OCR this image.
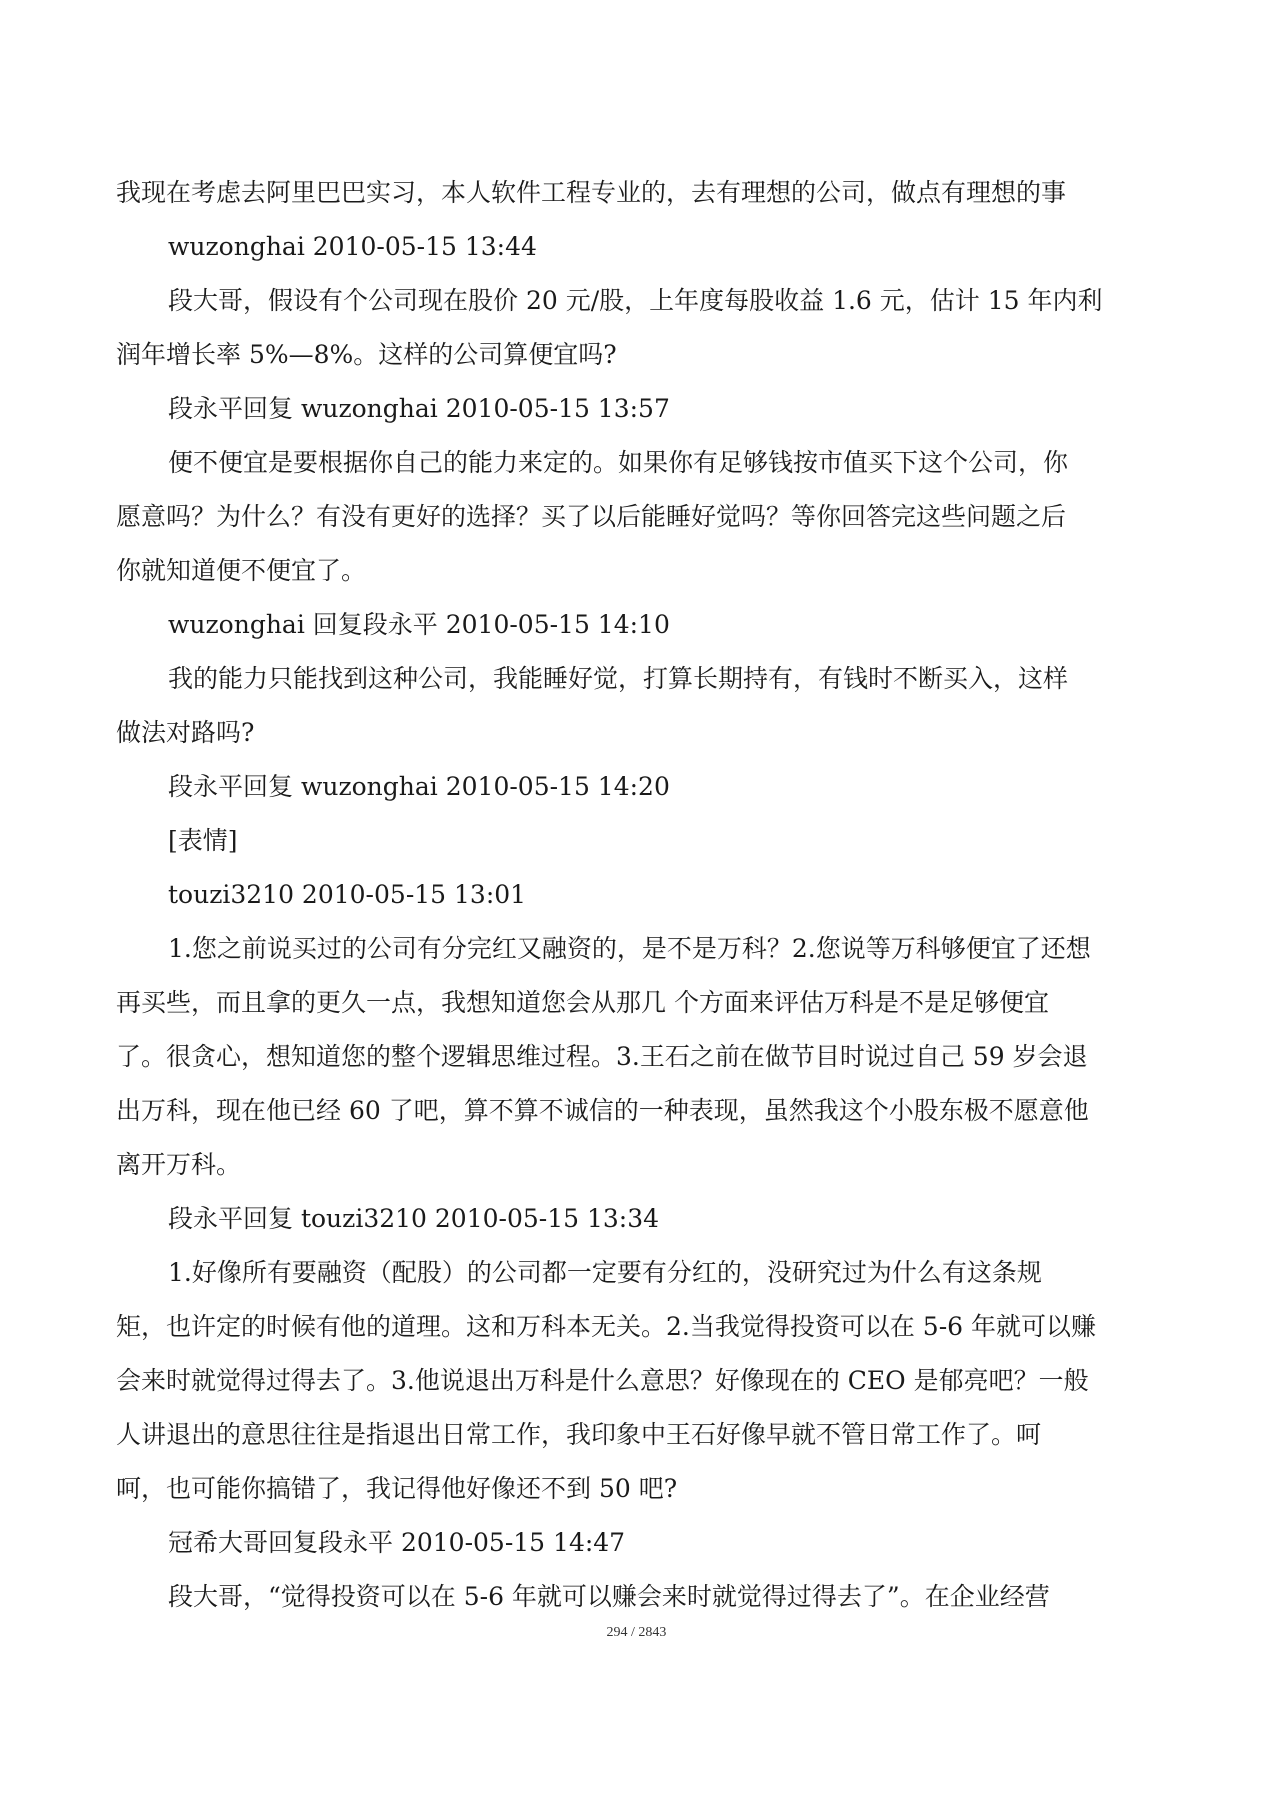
我现在考虑去阿里巴巴实习，本人软件工程专业的，去有理想的公司，做点有理想的事
wuzonghai 2010-05-15 13:44
段大哥，假设有个公司现在股价 20 元/股，上年度每股收益 1.6 元，估计 15 年内利
润年增长率 5%—8%。这样的公司算便宜吗?
段永平回复 wuzonghai 2010-05-15 13:57
便不便宜是要根据你自己的能力来定的。如果你有足够钱按市值买下这个公司，你
愿意吗？为什么？有没有更好的选择？买了以后能睡好觉吗？等你回答完这些问题之后
你就知道便不便宜了。
wuzonghai 回复段永平 2010-05-15 14:10
我的能力只能找到这种公司，我能睡好觉，打算长期持有，有钱时不断买入，这样
做法对路吗?
段永平回复 wuzonghai 2010-05-15 14:20
[表情]
touzi3210 2010-05-15 13:01
1.您之前说买过的公司有分完红又融资的，是不是万科？2.您说等万科够便宜了还想
再买些，而且拿的更久一点，我想知道您会从那几 个方面来评估万科是不是足够便宜
了。很贪心，想知道您的整个逻辑思维过程。3.王石之前在做节目时说过自己 59 岁会退
出万科，现在他已经 60 了吧，算不算不诚信的一种表现，虽然我这个小股东极不愿意他
离开万科。
段永平回复 touzi3210 2010-05-15 13:34
1.好像所有要融资（配股）的公司都一定要有分红的，没研究过为什么有这条规
矩，也许定的时候有他的道理。这和万科本无关。2.当我觉得投资可以在 5-6 年就可以赚
会来时就觉得过得去了。3.他说退出万科是什么意思？好像现在的 CEO 是郁亮吧？一般
人讲退出的意思往往是指退出日常工作，我印象中王石好像早就不管日常工作了。呵
呵，也可能你搞错了，我记得他好像还不到 50 吧?
冠希大哥回复段永平 2010-05-15 14:47
段大哥，“觉得投资可以在 5-6 年就可以赚会来时就觉得过得去了”。在企业经营
294 / 2843
